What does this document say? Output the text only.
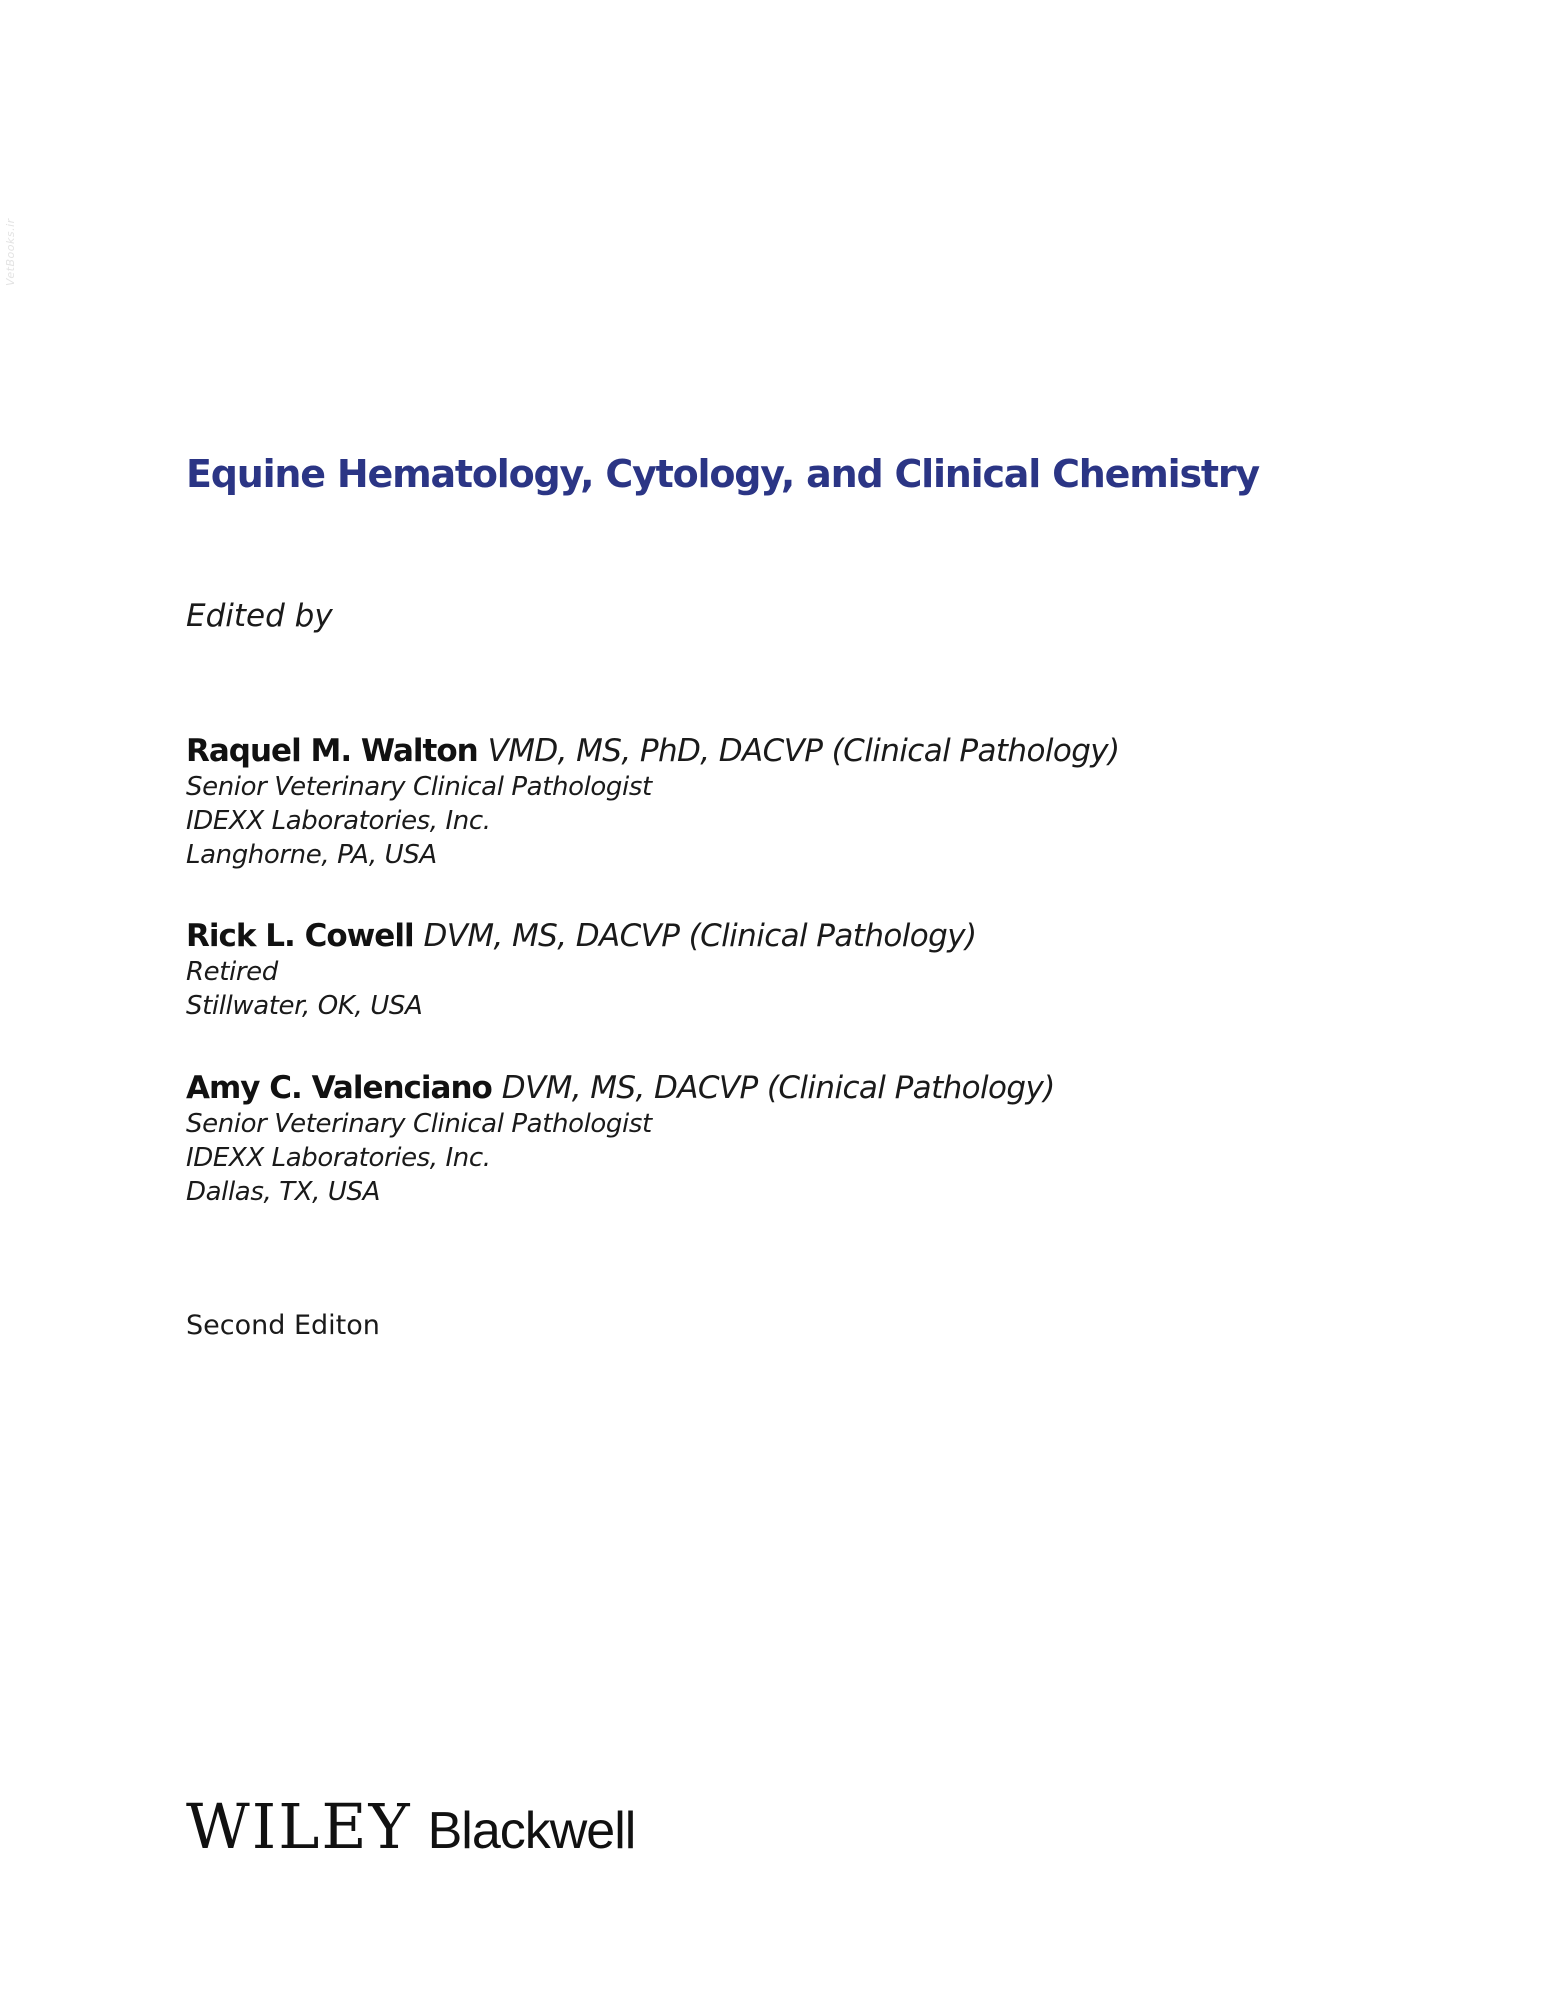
VetBooks.ir
Equine Hematology, Cytology, and Clinical Chemistry
Edited by
Raquel M. Walton VMD, MS, PhD, DACVP (Clinical Pathology)
Senior Veterinary Clinical Pathologist
IDEXX Laboratories, Inc.
Langhorne, PA, USA
Rick L. Cowell DVM, MS, DACVP (Clinical Pathology)
Retired
Stillwater, OK, USA
Amy C. Valenciano DVM, MS, DACVP (Clinical Pathology)
Senior Veterinary Clinical Pathologist
IDEXX Laboratories, Inc.
Dallas, TX, USA
Second Editon
WILEY Blackwell
